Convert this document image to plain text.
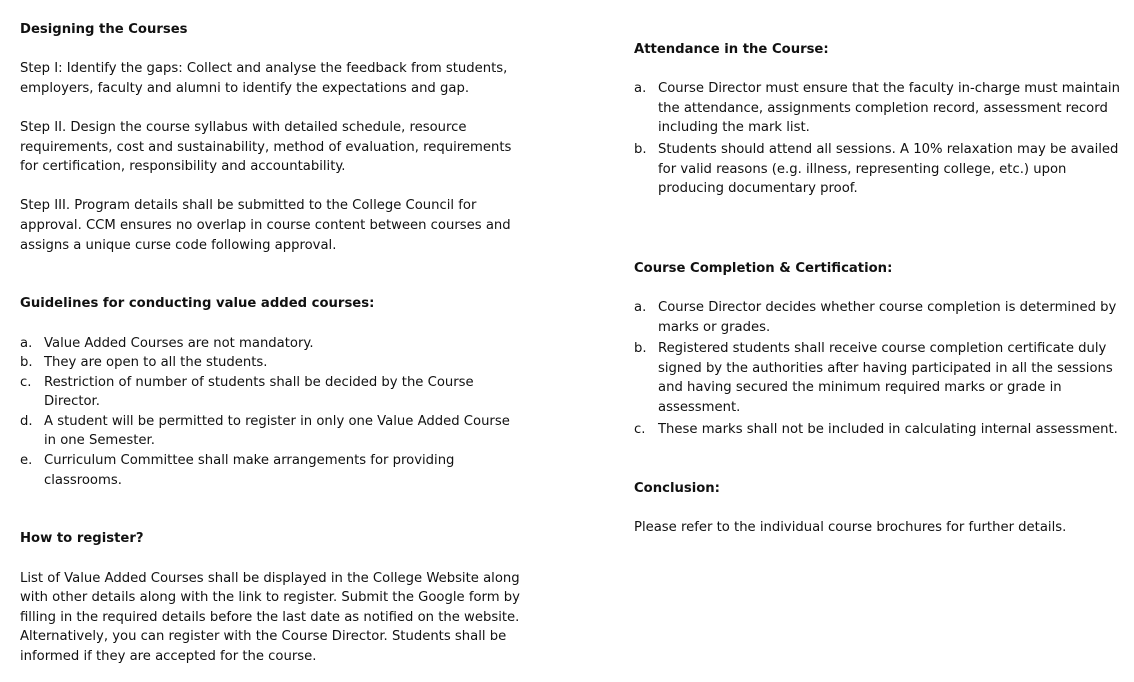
Designing the Courses

Step I: Identify the gaps: Collect and analyse the feedback from students, employers, faculty and alumni to identify the expectations and gap.

Step II. Design the course syllabus with detailed schedule, resource requirements, cost and sustainability, method of evaluation, requirements for certification, responsibility and accountability.

Step III. Program details shall be submitted to the College Council for approval. CCM ensures no overlap in course content between courses and assigns a unique curse code following approval.

Guidelines for conducting value added courses:

a. Value Added Courses are not mandatory.
b. They are open to all the students.
c. Restriction of number of students shall be decided by the Course Director.
d. A student will be permitted to register in only one Value Added Course in one Semester.
e. Curriculum Committee shall make arrangements for providing classrooms.

How to register?

List of Value Added Courses shall be displayed in the College Website along with other details along with the link to register. Submit the Google form by filling in the required details before the last date as notified on the website. Alternatively, you can register with the Course Director. Students shall be informed if they are accepted for the course.

Attendance in the Course:

a. Course Director must ensure that the faculty in-charge must maintain the attendance, assignments completion record, assessment record including the mark list.
b. Students should attend all sessions. A 10% relaxation may be availed for valid reasons (e.g. illness, representing college, etc.) upon producing documentary proof.

Course Completion & Certification:

a. Course Director decides whether course completion is determined by marks or grades.
b. Registered students shall receive course completion certificate duly signed by the authorities after having participated in all the sessions and having secured the minimum required marks or grade in assessment.
c. These marks shall not be included in calculating internal assessment.

Conclusion:

Please refer to the individual course brochures for further details.
